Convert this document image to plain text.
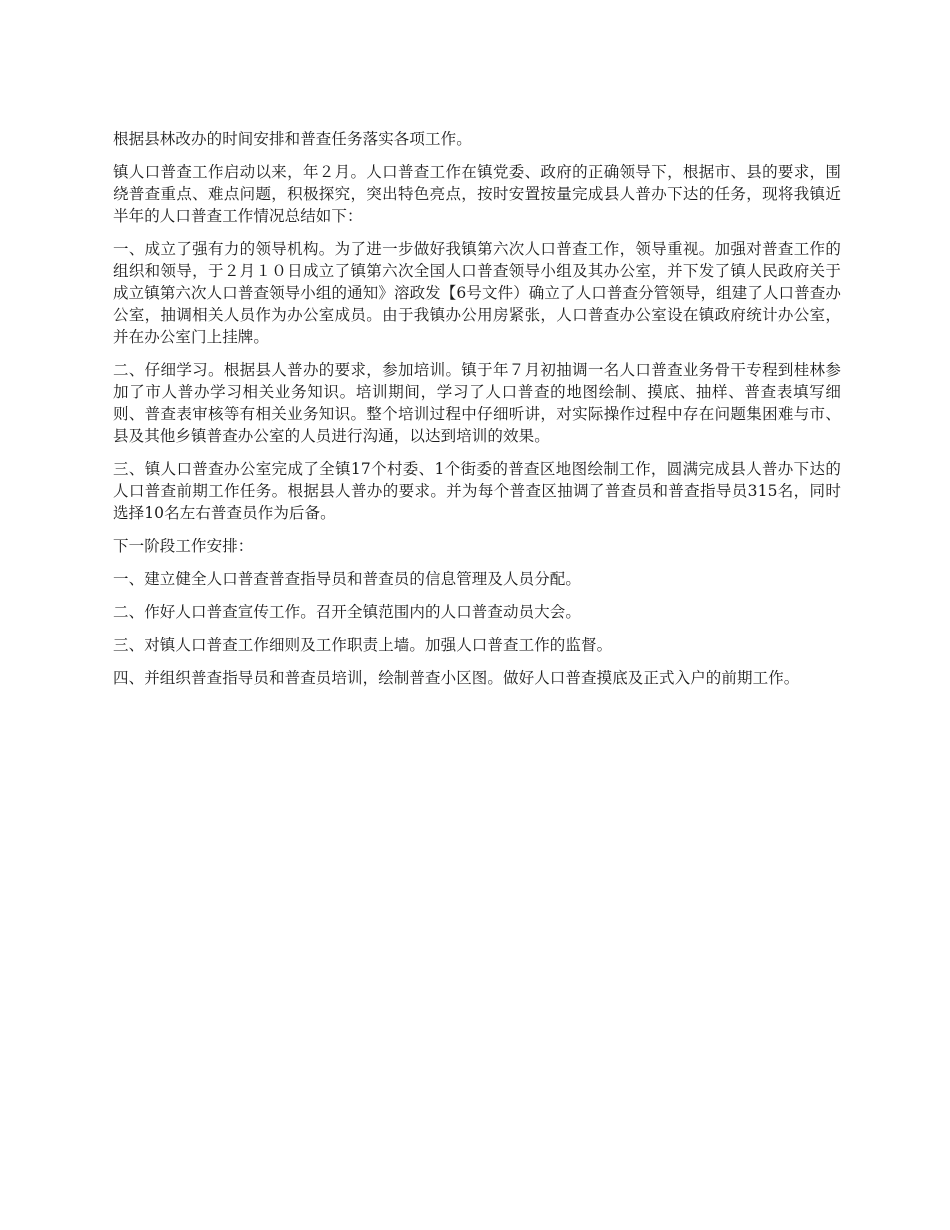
根据县林改办的时间安排和普查任务落实各项工作。

镇人口普查工作启动以来，年２月。人口普查工作在镇党委、政府的正确领导下，根据市、县的要求，围绕普查重点、难点问题，积极探究，突出特色亮点，按时安置按量完成县人普办下达的任务，现将我镇近半年的人口普查工作情况总结如下：

一、成立了强有力的领导机构。为了进一步做好我镇第六次人口普查工作，领导重视。加强对普查工作的组织和领导，于２月１０日成立了镇第六次全国人口普查领导小组及其办公室，并下发了镇人民政府关于成立镇第六次人口普查领导小组的通知》溶政发【6号文件）确立了人口普查分管领导，组建了人口普查办公室，抽调相关人员作为办公室成员。由于我镇办公用房紧张，人口普查办公室设在镇政府统计办公室，并在办公室门上挂牌。

二、仔细学习。根据县人普办的要求，参加培训。镇于年７月初抽调一名人口普查业务骨干专程到桂林参加了市人普办学习相关业务知识。培训期间，学习了人口普查的地图绘制、摸底、抽样、普查表填写细则、普查表审核等有相关业务知识。整个培训过程中仔细听讲，对实际操作过程中存在问题集困难与市、县及其他乡镇普查办公室的人员进行沟通，以达到培训的效果。

三、镇人口普查办公室完成了全镇17个村委、1个街委的普查区地图绘制工作，圆满完成县人普办下达的人口普查前期工作任务。根据县人普办的要求。并为每个普查区抽调了普查员和普查指导员315名，同时选择10名左右普查员作为后备。

下一阶段工作安排：

一、建立健全人口普查普查指导员和普查员的信息管理及人员分配。

二、作好人口普查宣传工作。召开全镇范围内的人口普查动员大会。

三、对镇人口普查工作细则及工作职责上墙。加强人口普查工作的监督。

四、并组织普查指导员和普查员培训，绘制普查小区图。做好人口普查摸底及正式入户的前期工作。
